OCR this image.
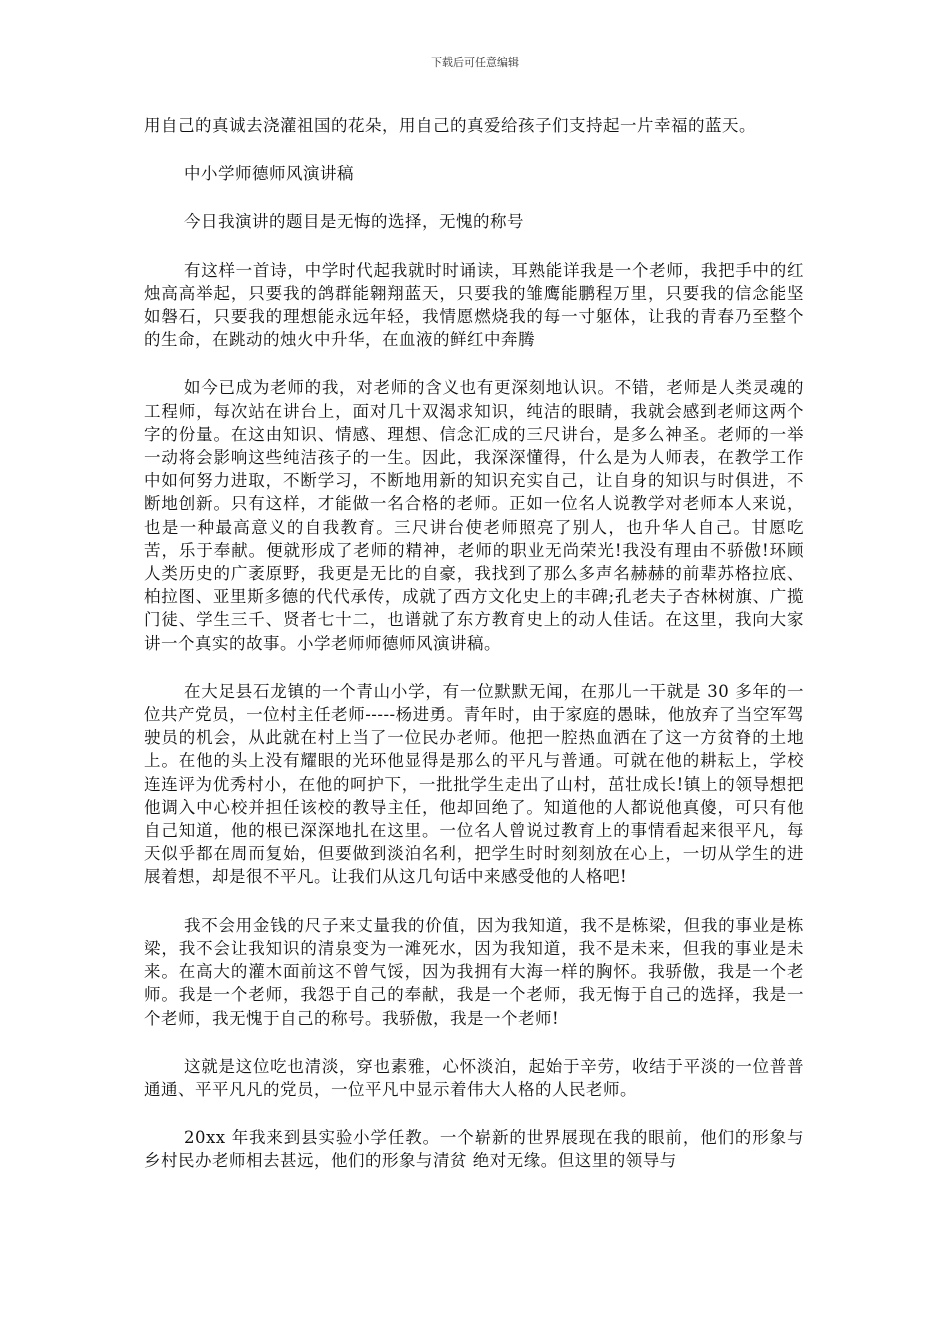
下载后可任意编辑

用自己的真诚去浇灌祖国的花朵，用自己的真爱给孩子们支持起一片幸福的蓝天。

中小学师德师风演讲稿

今日我演讲的题目是无悔的选择，无愧的称号

有这样一首诗，中学时代起我就时时诵读，耳熟能详我是一个老师，我把手中的红烛高高举起，只要我的鸽群能翱翔蓝天，只要我的雏鹰能鹏程万里，只要我的信念能坚如磐石，只要我的理想能永远年轻，我情愿燃烧我的每一寸躯体，让我的青春乃至整个的生命，在跳动的烛火中升华，在血液的鲜红中奔腾

如今已成为老师的我，对老师的含义也有更深刻地认识。不错，老师是人类灵魂的工程师，每次站在讲台上，面对几十双渴求知识，纯洁的眼睛，我就会感到老师这两个字的份量。在这由知识、情感、理想、信念汇成的三尺讲台，是多么神圣。老师的一举一动将会影响这些纯洁孩子的一生。因此，我深深懂得，什么是为人师表，在教学工作中如何努力进取，不断学习，不断地用新的知识充实自己，让自身的知识与时俱进，不断地创新。只有这样，才能做一名合格的老师。正如一位名人说教学对老师本人来说，也是一种最高意义的自我教育。三尺讲台使老师照亮了别人，也升华人自己。甘愿吃苦，乐于奉献。便就形成了老师的精神，老师的职业无尚荣光!我没有理由不骄傲!环顾人类历史的广袤原野，我更是无比的自豪，我找到了那么多声名赫赫的前辈苏格拉底、柏拉图、亚里斯多德的代代承传，成就了西方文化史上的丰碑;孔老夫子杏林树旗、广揽门徒、学生三千、贤者七十二，也谱就了东方教育史上的动人佳话。在这里，我向大家讲一个真实的故事。小学老师师德师风演讲稿。

在大足县石龙镇的一个青山小学，有一位默默无闻，在那儿一干就是 30 多年的一位共产党员，一位村主任老师-----杨进勇。青年时，由于家庭的愚昧，他放弃了当空军驾驶员的机会，从此就在村上当了一位民办老师。他把一腔热血洒在了这一方贫脊的土地上。在他的头上没有耀眼的光环他显得是那么的平凡与普通。可就在他的耕耘上，学校连连评为优秀村小，在他的呵护下，一批批学生走出了山村，茁壮成长!镇上的领导想把他调入中心校并担任该校的教导主任，他却回绝了。知道他的人都说他真傻，可只有他自己知道，他的根已深深地扎在这里。一位名人曾说过教育上的事情看起来很平凡，每天似乎都在周而复始，但要做到淡泊名利，把学生时时刻刻放在心上，一切从学生的进展着想，却是很不平凡。让我们从这几句话中来感受他的人格吧!

我不会用金钱的尺子来丈量我的价值，因为我知道，我不是栋梁，但我的事业是栋梁，我不会让我知识的清泉变为一滩死水，因为我知道，我不是未来，但我的事业是未来。在高大的灌木面前这不曾气馁，因为我拥有大海一样的胸怀。我骄傲，我是一个老师。我是一个老师，我怨于自己的奉献，我是一个老师，我无悔于自己的选择，我是一个老师，我无愧于自己的称号。我骄傲，我是一个老师!

这就是这位吃也清淡，穿也素雅，心怀淡泊，起始于辛劳，收结于平淡的一位普普通通、平平凡凡的党员，一位平凡中显示着伟大人格的人民老师。

20xx 年我来到县实验小学任教。一个崭新的世界展现在我的眼前，他们的形象与乡村民办老师相去甚远，他们的形象与清贫 绝对无缘。但这里的领导与
